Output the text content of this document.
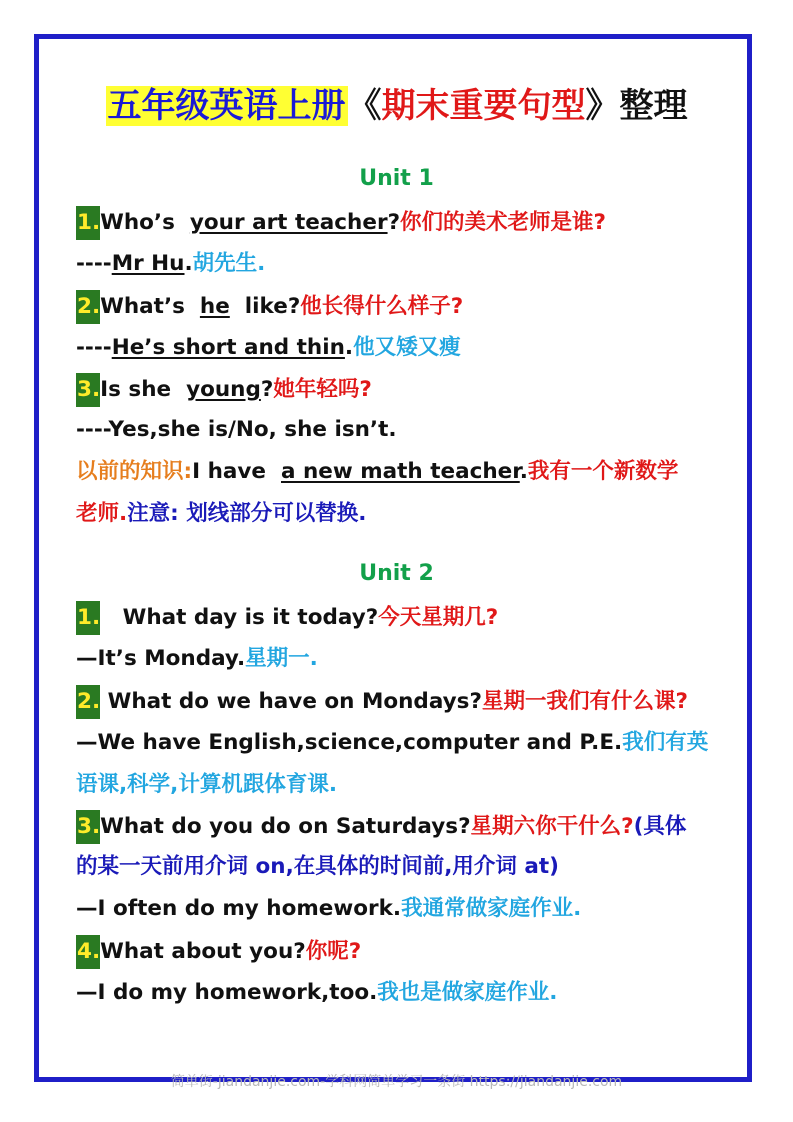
五年级英语上册《期末重要句型》整理
Unit 1
1.Who’s  your art teacher?你们的美术老师是谁?
----Mr Hu.胡先生.
2.What’s  he  like?他长得什么样子?
----He’s short and thin.他又矮又瘦
3.Is she  young?她年轻吗?
----Yes,she is/No, she isn’t.
以前的知识:I have  a new math teacher.我有一个新数学
老师.注意: 划线部分可以替换.
Unit 2
1.   What day is it today?今天星期几?
—It’s Monday.星期一.
2. What do we have on Mondays?星期一我们有什么课?
—We have English,science,computer and P.E.我们有英
语课,科学,计算机跟体育课.
3.What do you do on Saturdays?星期六你干什么?(具体
的某一天前用介词 on,在具体的时间前,用介词 at)
—I often do my homework.我通常做家庭作业.
4.What about you?你呢?
—I do my homework,too.我也是做家庭作业.
简单街-jiandanjie.com-学科网简单学习一条街 https://jiandanjie.com
